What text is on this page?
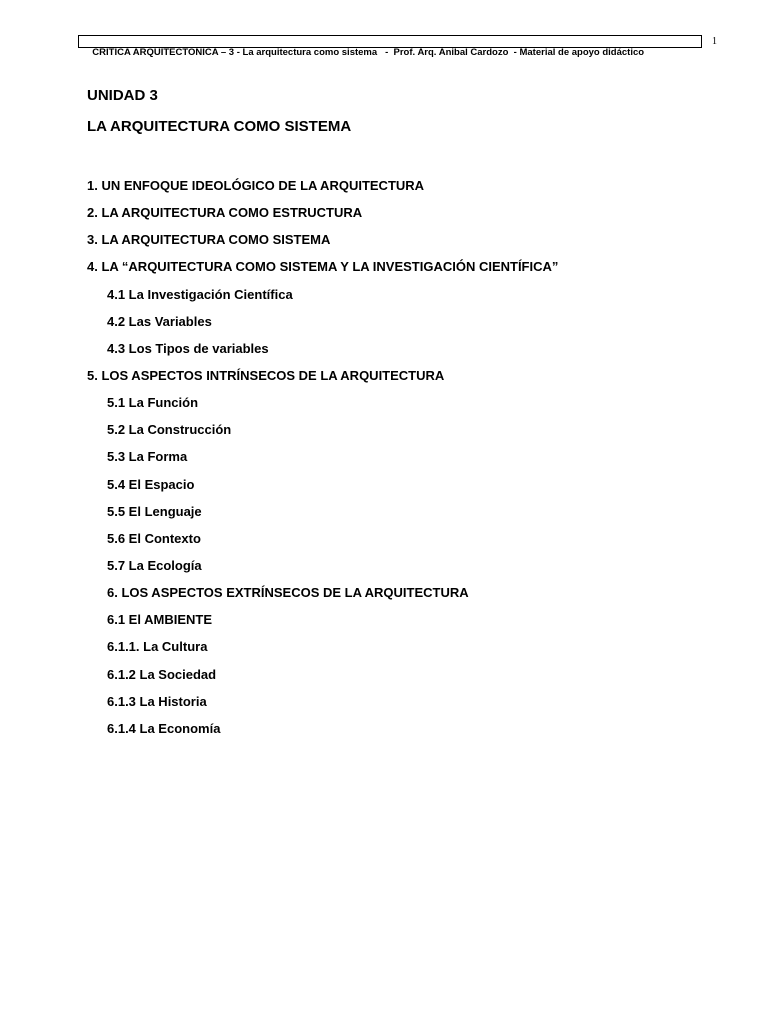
CRITICA ARQUITECTONICA – 3 - La arquitectura como sistema   -  Prof. Arq. Anibal Cardozo  - Material de apoyo didáctico

1
UNIDAD 3
LA ARQUITECTURA COMO SISTEMA
1. UN ENFOQUE IDEOLÓGICO DE LA ARQUITECTURA
2. LA ARQUITECTURA COMO ESTRUCTURA
3. LA ARQUITECTURA COMO SISTEMA
4. LA “ARQUITECTURA COMO SISTEMA Y LA INVESTIGACIÓN CIENTÍFICA”
4.1 La Investigación Científica
4.2 Las Variables
4.3 Los Tipos de variables
5. LOS ASPECTOS INTRÍNSECOS DE LA ARQUITECTURA
5.1 La Función
5.2 La Construcción
5.3 La Forma
5.4 El Espacio
5.5 El Lenguaje
5.6 El Contexto
5.7 La Ecología
6. LOS ASPECTOS EXTRÍNSECOS DE LA ARQUITECTURA
6.1 El AMBIENTE
6.1.1. La Cultura
6.1.2 La Sociedad
6.1.3 La Historia
6.1.4 La Economía
